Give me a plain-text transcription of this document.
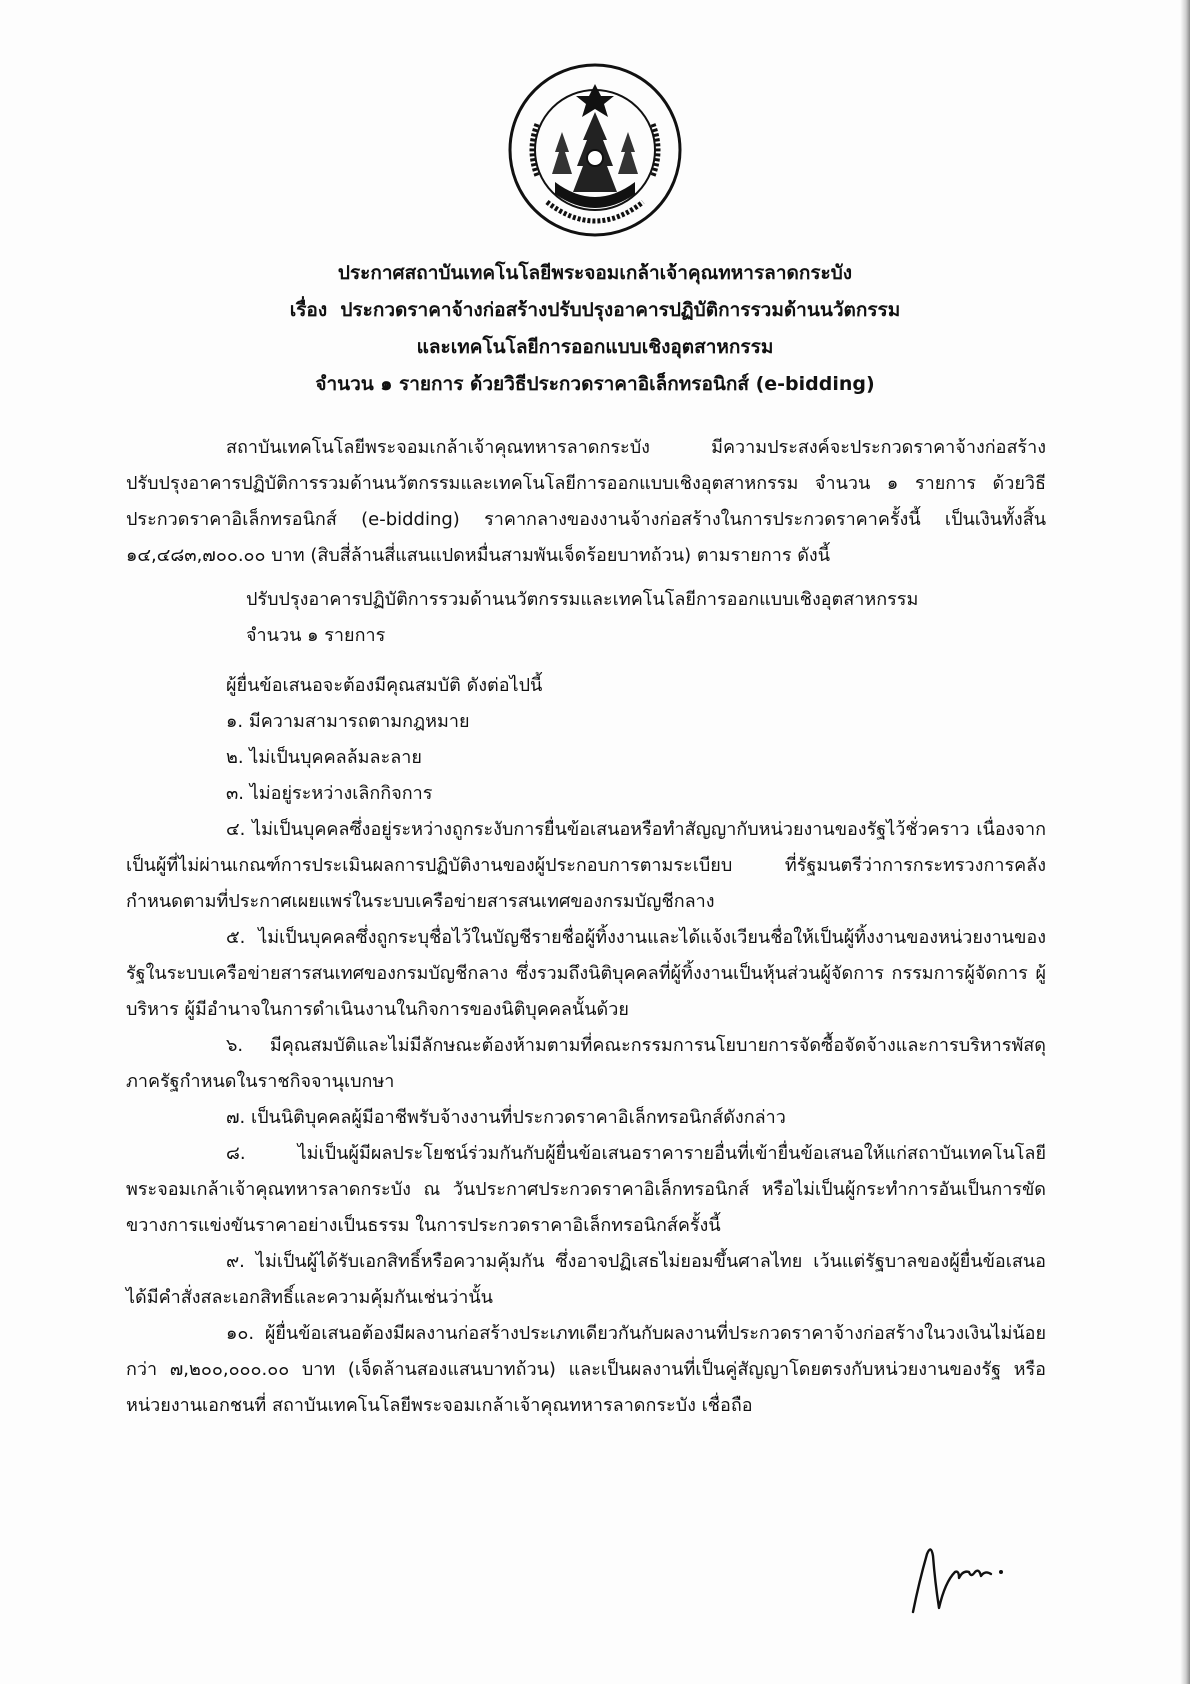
ประกาศสถาบันเทคโนโลยีพระจอมเกล้าเจ้าคุณทหารลาดกระบัง
เรื่อง ประกวดราคาจ้างก่อสร้างปรับปรุงอาคารปฏิบัติการรวมด้านนวัตกรรม
และเทคโนโลยีการออกแบบเชิงอุตสาหกรรม
จำนวน ๑ รายการ ด้วยวิธีประกวดราคาอิเล็กทรอนิกส์ (e-bidding)

สถาบันเทคโนโลยีพระจอมเกล้าเจ้าคุณทหารลาดกระบัง มีความประสงค์จะประกวดราคาจ้างก่อสร้างปรับปรุงอาคารปฏิบัติการรวมด้านนวัตกรรมและเทคโนโลยีการออกแบบเชิงอุตสาหกรรม จำนวน ๑ รายการ ด้วยวิธีประกวดราคาอิเล็กทรอนิกส์ (e-bidding) ราคากลางของงานจ้างก่อสร้างในการประกวดราคาครั้งนี้ เป็นเงินทั้งสิ้น ๑๔,๔๘๓,๗๐๐.๐๐ บาท (สิบสี่ล้านสี่แสนแปดหมื่นสามพันเจ็ดร้อยบาทถ้วน) ตามรายการ ดังนี้

ปรับปรุงอาคารปฏิบัติการรวมด้านนวัตกรรมและเทคโนโลยีการออกแบบเชิงอุตสาหกรรม

จำนวน ๑ รายการ

ผู้ยื่นข้อเสนอจะต้องมีคุณสมบัติ ดังต่อไปนี้

๑. มีความสามารถตามกฎหมาย

๒. ไม่เป็นบุคคลล้มละลาย

๓. ไม่อยู่ระหว่างเลิกกิจการ

๔. ไม่เป็นบุคคลซึ่งอยู่ระหว่างถูกระงับการยื่นข้อเสนอหรือทำสัญญากับหน่วยงานของรัฐไว้ชั่วคราว เนื่องจากเป็นผู้ที่ไม่ผ่านเกณฑ์การประเมินผลการปฏิบัติงานของผู้ประกอบการตามระเบียบ ที่รัฐมนตรีว่าการกระทรวงการคลังกำหนดตามที่ประกาศเผยแพร่ในระบบเครือข่ายสารสนเทศของกรมบัญชีกลาง

๕. ไม่เป็นบุคคลซึ่งถูกระบุชื่อไว้ในบัญชีรายชื่อผู้ทิ้งงานและได้แจ้งเวียนชื่อให้เป็นผู้ทิ้งงานของหน่วยงานของรัฐในระบบเครือข่ายสารสนเทศของกรมบัญชีกลาง ซึ่งรวมถึงนิติบุคคลที่ผู้ทิ้งงานเป็นหุ้นส่วนผู้จัดการ กรรมการผู้จัดการ ผู้บริหาร ผู้มีอำนาจในการดำเนินงานในกิจการของนิติบุคคลนั้นด้วย

๖. มีคุณสมบัติและไม่มีลักษณะต้องห้ามตามที่คณะกรรมการนโยบายการจัดซื้อจัดจ้างและการบริหารพัสดุภาครัฐกำหนดในราชกิจจานุเบกษา

๗. เป็นนิติบุคคลผู้มีอาชีพรับจ้างงานที่ประกวดราคาอิเล็กทรอนิกส์ดังกล่าว

๘. ไม่เป็นผู้มีผลประโยชน์ร่วมกันกับผู้ยื่นข้อเสนอราคารายอื่นที่เข้ายื่นข้อเสนอให้แก่สถาบันเทคโนโลยีพระจอมเกล้าเจ้าคุณทหารลาดกระบัง ณ วันประกาศประกวดราคาอิเล็กทรอนิกส์ หรือไม่เป็นผู้กระทำการอันเป็นการขัดขวางการแข่งขันราคาอย่างเป็นธรรม ในการประกวดราคาอิเล็กทรอนิกส์ครั้งนี้

๙. ไม่เป็นผู้ได้รับเอกสิทธิ์หรือความคุ้มกัน ซึ่งอาจปฏิเสธไม่ยอมขึ้นศาลไทย เว้นแต่รัฐบาลของผู้ยื่นข้อเสนอได้มีคำสั่งสละเอกสิทธิ์และความคุ้มกันเช่นว่านั้น

๑๐. ผู้ยื่นข้อเสนอต้องมีผลงานก่อสร้างประเภทเดียวกันกับผลงานที่ประกวดราคาจ้างก่อสร้างในวงเงินไม่น้อยกว่า ๗,๒๐๐,๐๐๐.๐๐ บาท (เจ็ดล้านสองแสนบาทถ้วน) และเป็นผลงานที่เป็นคู่สัญญาโดยตรงกับหน่วยงานของรัฐ หรือหน่วยงานเอกชนที่ สถาบันเทคโนโลยีพระจอมเกล้าเจ้าคุณทหารลาดกระบัง เชื่อถือ
